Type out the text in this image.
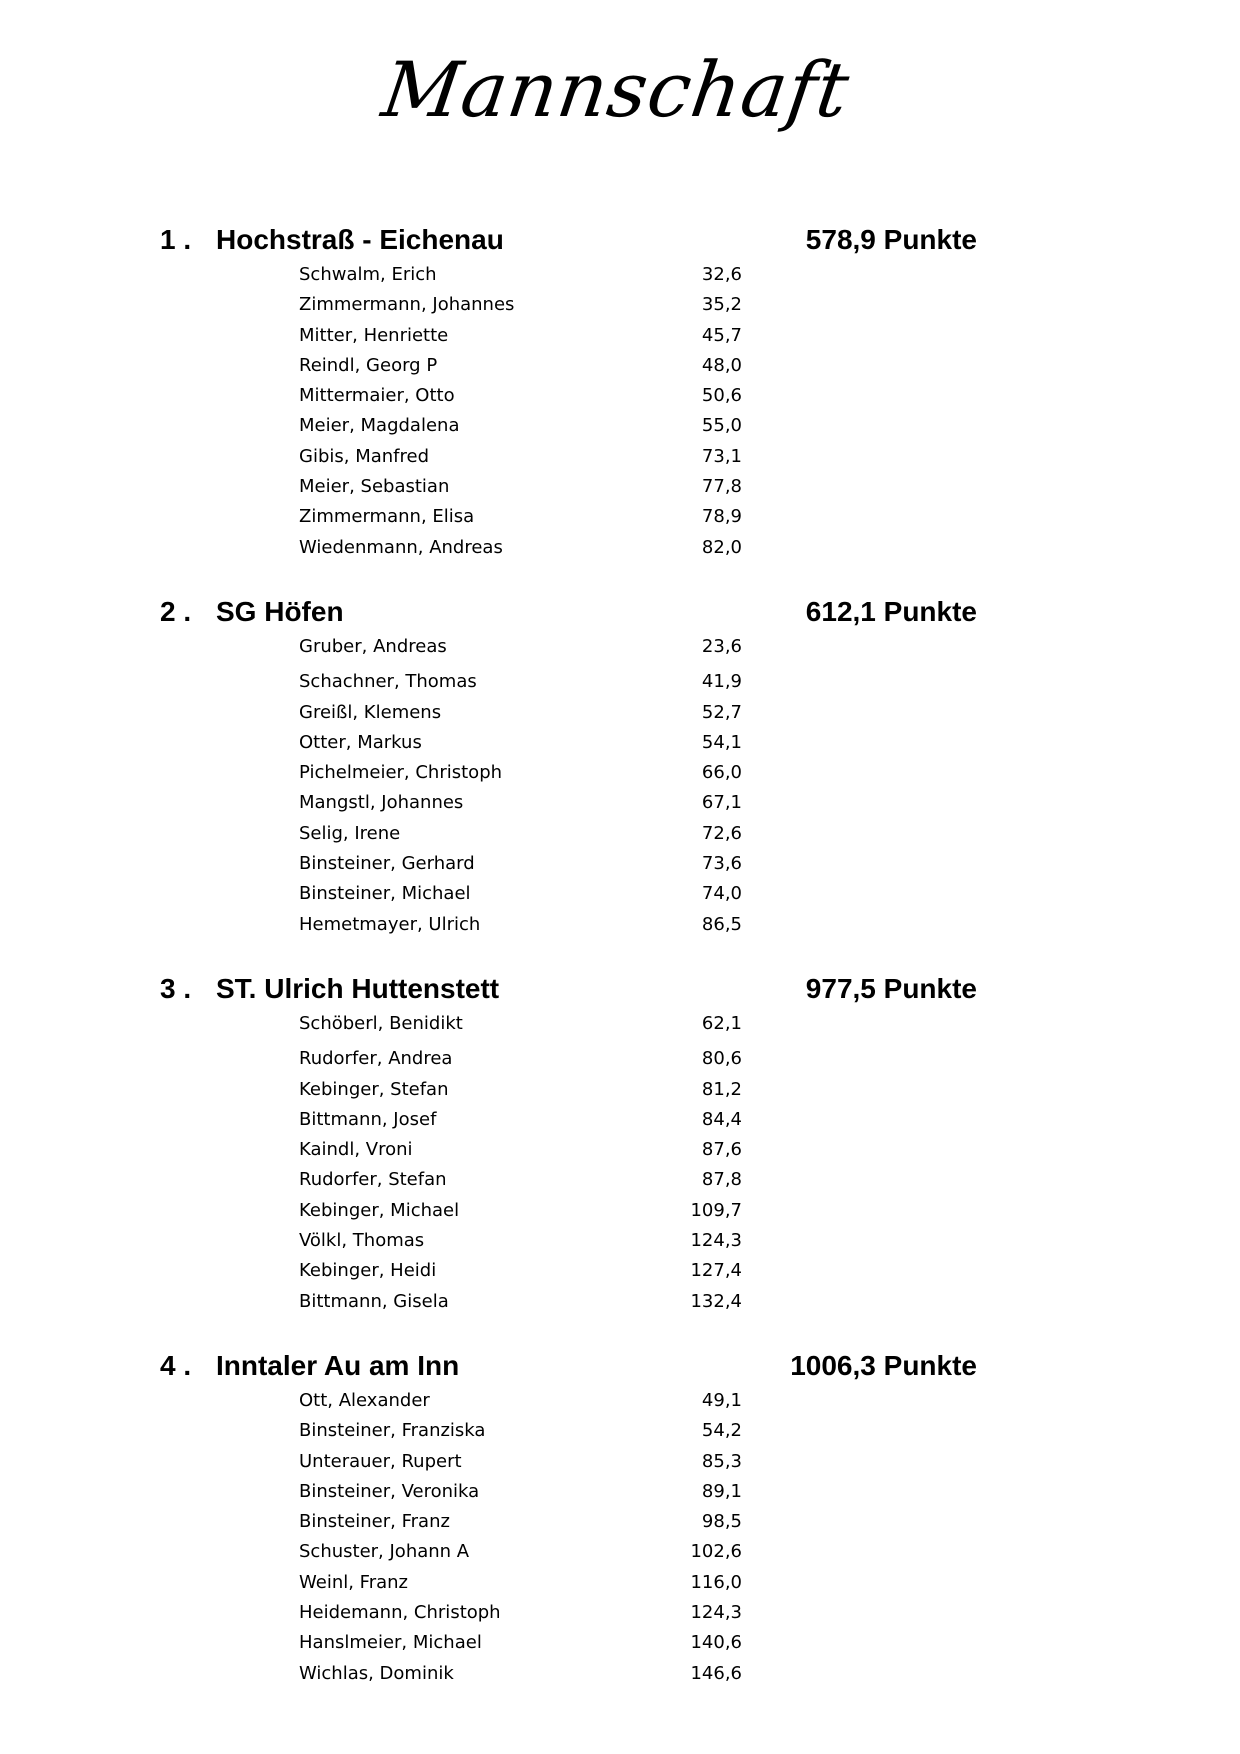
Mannschaft
1 . Hochstraß - Eichenau	578,9 Punkte
Schwalm, Erich	32,6
Zimmermann, Johannes	35,2
Mitter, Henriette	45,7
Reindl, Georg P	48,0
Mittermaier, Otto	50,6
Meier, Magdalena	55,0
Gibis, Manfred	73,1
Meier, Sebastian	77,8
Zimmermann, Elisa	78,9
Wiedenmann, Andreas	82,0
2 . SG Höfen	612,1 Punkte
Gruber, Andreas	23,6
Schachner, Thomas	41,9
Greißl, Klemens	52,7
Otter, Markus	54,1
Pichelmeier, Christoph	66,0
Mangstl, Johannes	67,1
Selig, Irene	72,6
Binsteiner, Gerhard	73,6
Binsteiner, Michael	74,0
Hemetmayer, Ulrich	86,5
3 . ST. Ulrich Huttenstett	977,5 Punkte
Schöberl, Benidikt	62,1
Rudorfer, Andrea	80,6
Kebinger, Stefan	81,2
Bittmann, Josef	84,4
Kaindl, Vroni	87,6
Rudorfer, Stefan	87,8
Kebinger, Michael	109,7
Völkl, Thomas	124,3
Kebinger, Heidi	127,4
Bittmann, Gisela	132,4
4 . Inntaler Au am Inn	1006,3 Punkte
Ott, Alexander	49,1
Binsteiner, Franziska	54,2
Unterauer, Rupert	85,3
Binsteiner, Veronika	89,1
Binsteiner, Franz	98,5
Schuster, Johann A	102,6
Weinl, Franz	116,0
Heidemann, Christoph	124,3
Hanslmeier, Michael	140,6
Wichlas, Dominik	146,6
